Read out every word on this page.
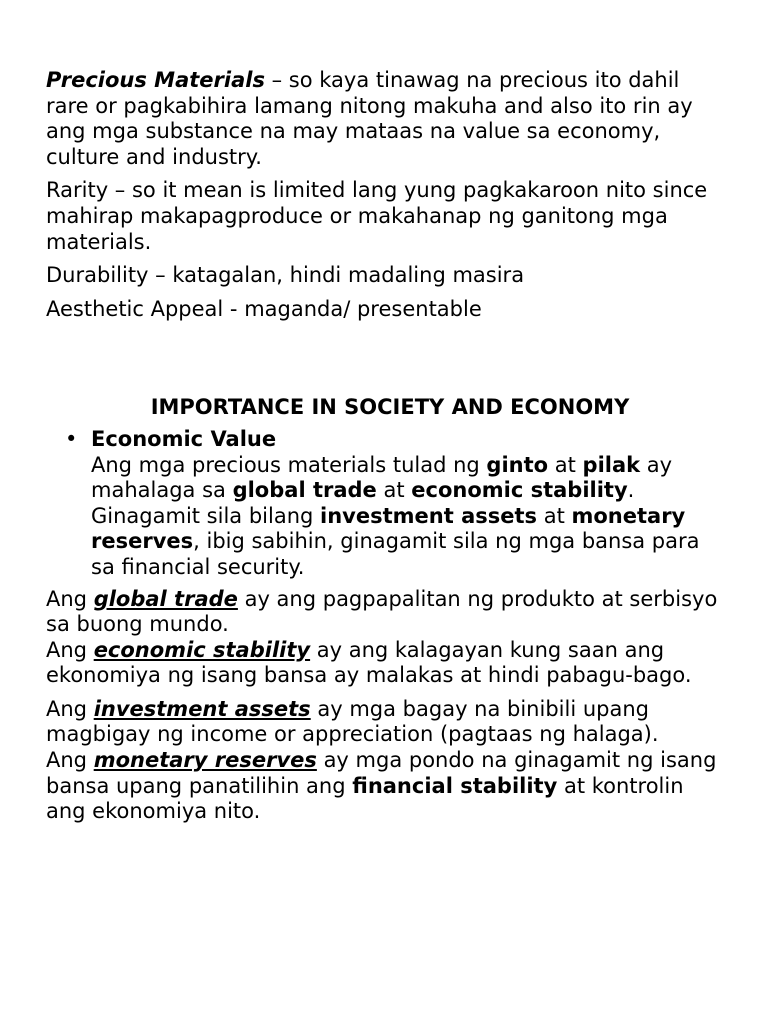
Precious Materials – so kaya tinawag na precious ito dahil rare or pagkabihira lamang nitong makuha and also ito rin ay ang mga substance na may mataas na value sa economy, culture and industry.

Rarity – so it mean is limited lang yung pagkakaroon nito since mahirap makapagproduce or makahanap ng ganitong mga materials.

Durability – katagalan, hindi madaling masira

Aesthetic Appeal - maganda/ presentable

IMPORTANCE IN SOCIETY AND ECONOMY
• Economic Value
Ang mga precious materials tulad ng ginto at pilak ay mahalaga sa global trade at economic stability. Ginagamit sila bilang investment assets at monetary reserves, ibig sabihin, ginagamit sila ng mga bansa para sa financial security.

Ang global trade ay ang pagpapalitan ng produkto at serbisyo sa buong mundo.

Ang economic stability ay ang kalagayan kung saan ang ekonomiya ng isang bansa ay malakas at hindi pabagu-bago.

Ang investment assets ay mga bagay na binibili upang magbigay ng income or appreciation (pagtaas ng halaga).

Ang monetary reserves ay mga pondo na ginagamit ng isang bansa upang panatilihin ang financial stability at kontrolin ang ekonomiya nito.
